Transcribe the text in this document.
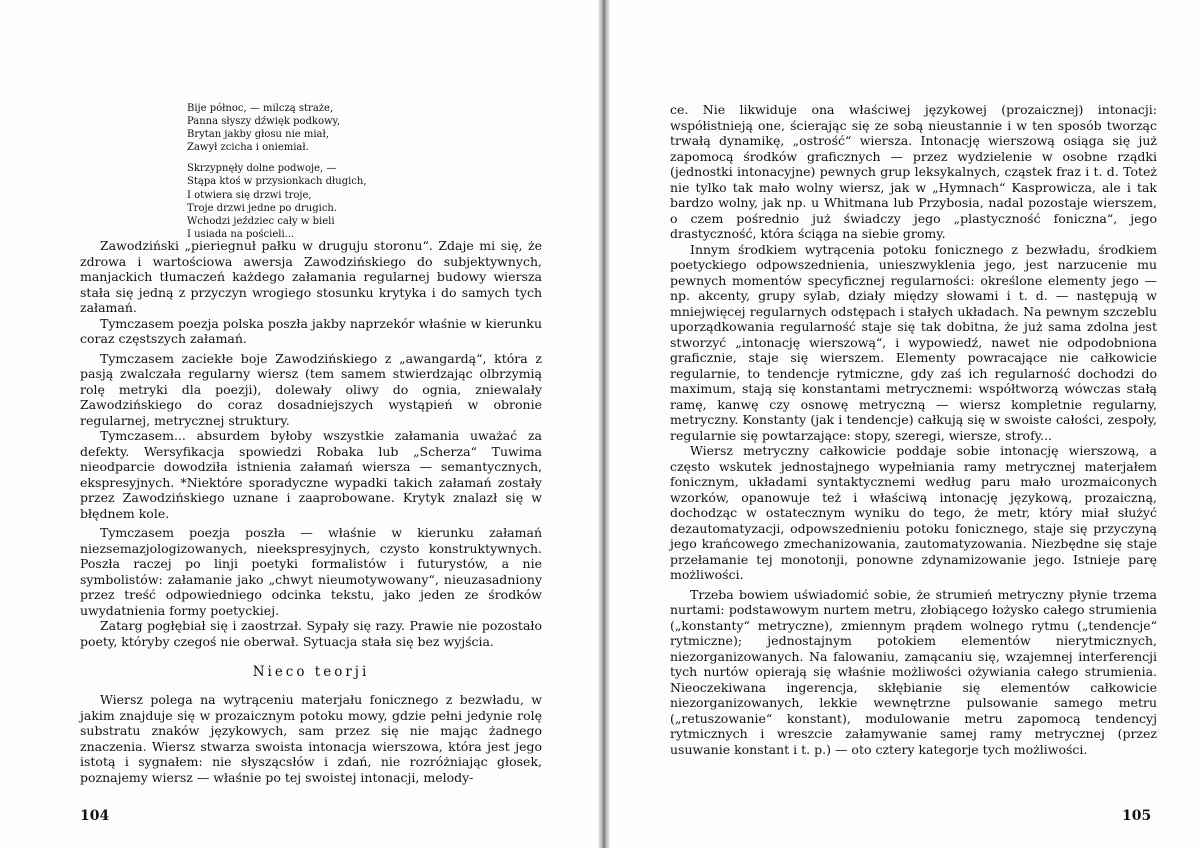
Bije północ, — milczą straże,
Panna słyszy dźwięk podkowy,
Brytan jakby głosu nie miał,
Zawył zcicha i oniemiał.
Skrzypnęły dolne podwoje, —
Stąpa ktoś w przysionkach długich,
I otwiera się drzwi troje,
Troje drzwi jedne po drugich.
Wchodzi jeździec cały w bieli
I usiada na pościeli...

Zawodziński „pieriegnuł pałku w druguju storonu“. Zdaje mi się, że zdrowa i wartościowa awersja Zawodzińskiego do subjektywnych, manjackich tłumaczeń każdego załamania regularnej budowy wiersza stała się jedną z przyczyn wrogiego stosunku krytyka i do samych tych załamań.

Tymczasem poezja polska poszła jakby naprzekór właśnie w kierunku coraz częstszych załamań.

Tymczasem zaciekłe boje Zawodzińskiego z „awangardą“, która z pasją zwalczała regularny wiersz (tem samem stwierdzając olbrzymią rolę metryki dla poezji), dolewały oliwy do ognia, zniewalały Zawodzińskiego do coraz dosadniejszych wystąpień w obronie regularnej, metrycznej struktury.

Tymczasem... absurdem byłoby wszystkie załamania uważać za defekty. Wersyfikacja spowiedzi Robaka lub „Scherza“ Tuwima nieodparcie dowodziła istnienia załamań wiersza — semantycznych, ekspresyjnych. *Niektóre sporadyczne wypadki takich załamań zostały przez Zawodzińskiego uznane i zaaprobowane. Krytyk znalazł się w błędnem kole.

Tymczasem poezja poszła — właśnie w kierunku załamań niezsemazjologizowanych, nieekspresyjnych, czysto konstruktywnych. Poszła raczej po linji poetyki formalistów i futurystów, a nie symbolistów: załamanie jako „chwyt nieumotywowany“, nieuzasadniony przez treść odpowiedniego odcinka tekstu, jako jeden ze środków uwydatnienia formy poetyckiej.

Zatarg pogłębiał się i zaostrzał. Sypały się razy. Prawie nie pozostało poety, któryby czegoś nie oberwał. Sytuacja stała się bez wyjścia.

Nieco teorji

Wiersz polega na wytrąceniu materjału fonicznego z bezwładu, w jakim znajduje się w prozaicznym potoku mowy, gdzie pełni jedynie rolę substratu znaków językowych, sam przez się nie mając żadnego znaczenia. Wiersz stwarza swoista intonacja wierszowa, która jest jego istotą i sygnałem: nie słyszącsłów i zdań, nie rozróżniając głosek, poznajemy wiersz — właśnie po tej swoistej intonacji, melody-

104

ce. Nie likwiduje ona właściwej językowej (prozaicznej) intonacji: współistnieją one, ścierając się ze sobą nieustannie i w ten sposób tworząc trwałą dynamikę, „ostrość“ wiersza. Intonację wierszową osiąga się już zapomocą środków graficznych — przez wydzielenie w osobne rządki (jednostki intonacyjne) pewnych grup leksykalnych, cząstek fraz i t. d. Toteż nie tylko tak mało wolny wiersz, jak w „Hymnach“ Kasprowicza, ale i tak bardzo wolny, jak np. u Whitmana lub Przybosia, nadal pozostaje wierszem, o czem pośrednio już świadczy jego „plastyczność foniczna“, jego drastyczność, która ściąga na siebie gromy.

Innym środkiem wytrącenia potoku fonicznego z bezwładu, środkiem poetyckiego odpowszednienia, unieszwyklenia jego, jest narzucenie mu pewnych momentów specyficznej regularności: określone elementy jego — np. akcenty, grupy sylab, działy między słowami i t. d. — następują w mniejwięcej regularnych odstępach i stałych układach. Na pewnym szczeblu uporządkowania regularność staje się tak dobitna, że już sama zdolna jest stworzyć „intonację wierszową“, i wypowiedź, nawet nie odpodobniona graficznie, staje się wierszem. Elementy powracające nie całkowicie regularnie, to tendencje rytmiczne, gdy zaś ich regularność dochodzi do maximum, stają się konstantami metrycznemi: współtworzą wówczas stałą ramę, kanwę czy osnowę metryczną — wiersz kompletnie regularny, metryczny. Konstanty (jak i tendencje) całkują się w swoiste całości, zespoły, regularnie się powtarzające: stopy, szeregi, wiersze, strofy...

Wiersz metryczny całkowicie poddaje sobie intonację wierszową, a często wskutek jednostajnego wypełniania ramy metrycznej materjałem fonicznym, układami syntaktycznemi według paru mało urozmaiconych wzorków, opanowuje też i właściwą intonację językową, prozaiczną, dochodząc w ostatecznym wyniku do tego, że metr, który miał służyć dezautomatyzacji, odpowszednieniu potoku fonicznego, staje się przyczyną jego krańcowego zmechanizowania, zautomatyzowania. Niezbędne się staje przełamanie tej monotonji, ponowne zdynamizowanie jego. Istnieje parę możliwości.

Trzeba bowiem uświadomić sobie, że strumień metryczny płynie trzema nurtami: podstawowym nurtem metru, złobiącego łożysko całego strumienia („konstanty“ metryczne), zmiennym prądem wolnego rytmu („tendencje“ rytmiczne); jednostajnym potokiem elementów nierytmicznych, niezorganizowanych. Na falowaniu, zamącaniu się, wzajemnej interferencji tych nurtów opierają się właśnie możliwości ożywiania całego strumienia. Nieoczekiwana ingerencja, skłębianie się elementów całkowicie niezorganizowanych, lekkie wewnętrzne pulsowanie samego metru („retuszowanie“ konstant), modulowanie metru zapomocą tendencyj rytmicznych i wreszcie załamywanie samej ramy metrycznej (przez usuwanie konstant i t. p.) — oto cztery kategorje tych możliwości.

105
